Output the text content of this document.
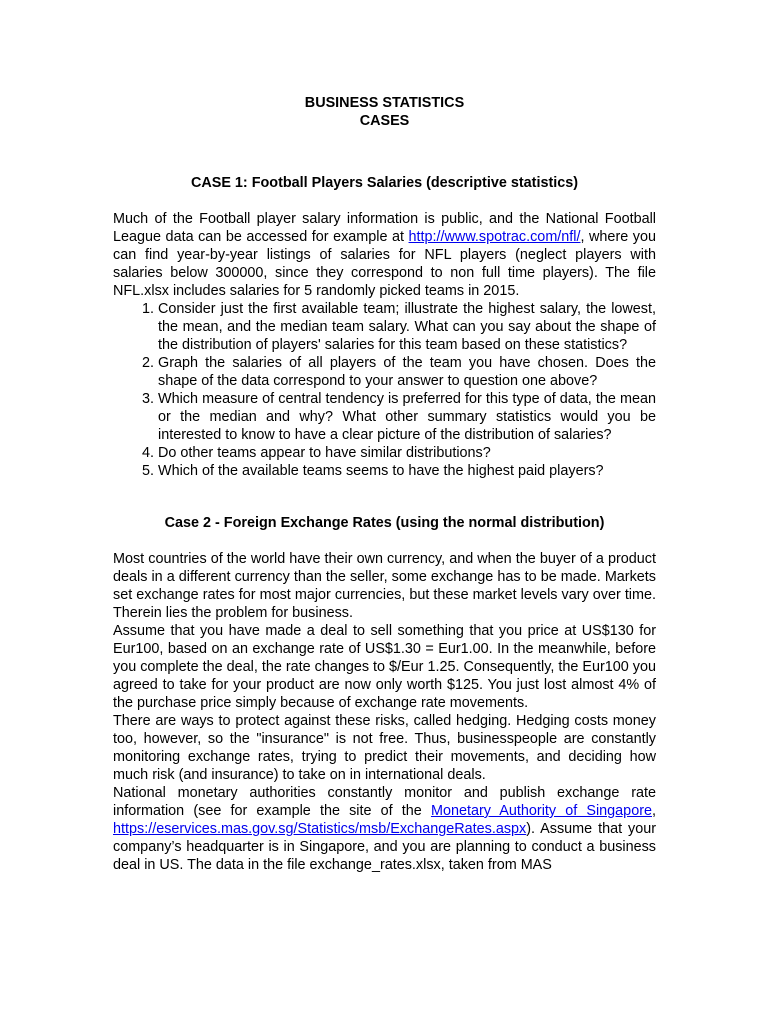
BUSINESS STATISTICS

CASES

CASE 1: Football Players Salaries (descriptive statistics)

Much of the Football player salary information is public, and the National Football League data can be accessed for example at http://www.spotrac.com/nfl/, where you can find year-by-year listings of salaries for NFL players (neglect players with salaries below 300000, since they correspond to non full time players). The file NFL.xlsx includes salaries for 5 randomly picked teams in 2015.

1. Consider just the first available team; illustrate the highest salary, the lowest, the mean, and the median team salary. What can you say about the shape of the distribution of players' salaries for this team based on these statistics?
2. Graph the salaries of all players of the team you have chosen. Does the shape of the data correspond to your answer to question one above?
3. Which measure of central tendency is preferred for this type of data, the mean or the median and why? What other summary statistics would you be interested to know to have a clear picture of the distribution of salaries?
4. Do other teams appear to have similar distributions?
5. Which of the available teams seems to have the highest paid players?

Case 2 - Foreign Exchange Rates (using the normal distribution)

Most countries of the world have their own currency, and when the buyer of a product deals in a different currency than the seller, some exchange has to be made. Markets set exchange rates for most major currencies, but these market levels vary over time. Therein lies the problem for business.

Assume that you have made a deal to sell something that you price at US$130 for Eur100, based on an exchange rate of US$1.30 = Eur1.00. In the meanwhile, before you complete the deal, the rate changes to $/Eur 1.25. Consequently, the Eur100 you agreed to take for your product are now only worth $125. You just lost almost 4% of the purchase price simply because of exchange rate movements.

There are ways to protect against these risks, called hedging. Hedging costs money too, however, so the "insurance" is not free. Thus, businesspeople are constantly monitoring exchange rates, trying to predict their movements, and deciding how much risk (and insurance) to take on in international deals.

National monetary authorities constantly monitor and publish exchange rate information (see for example the site of the Monetary Authority of Singapore, https://eservices.mas.gov.sg/Statistics/msb/ExchangeRates.aspx). Assume that your company’s headquarter is in Singapore, and you are planning to conduct a business deal in US. The data in the file exchange_rates.xlsx, taken from MAS
